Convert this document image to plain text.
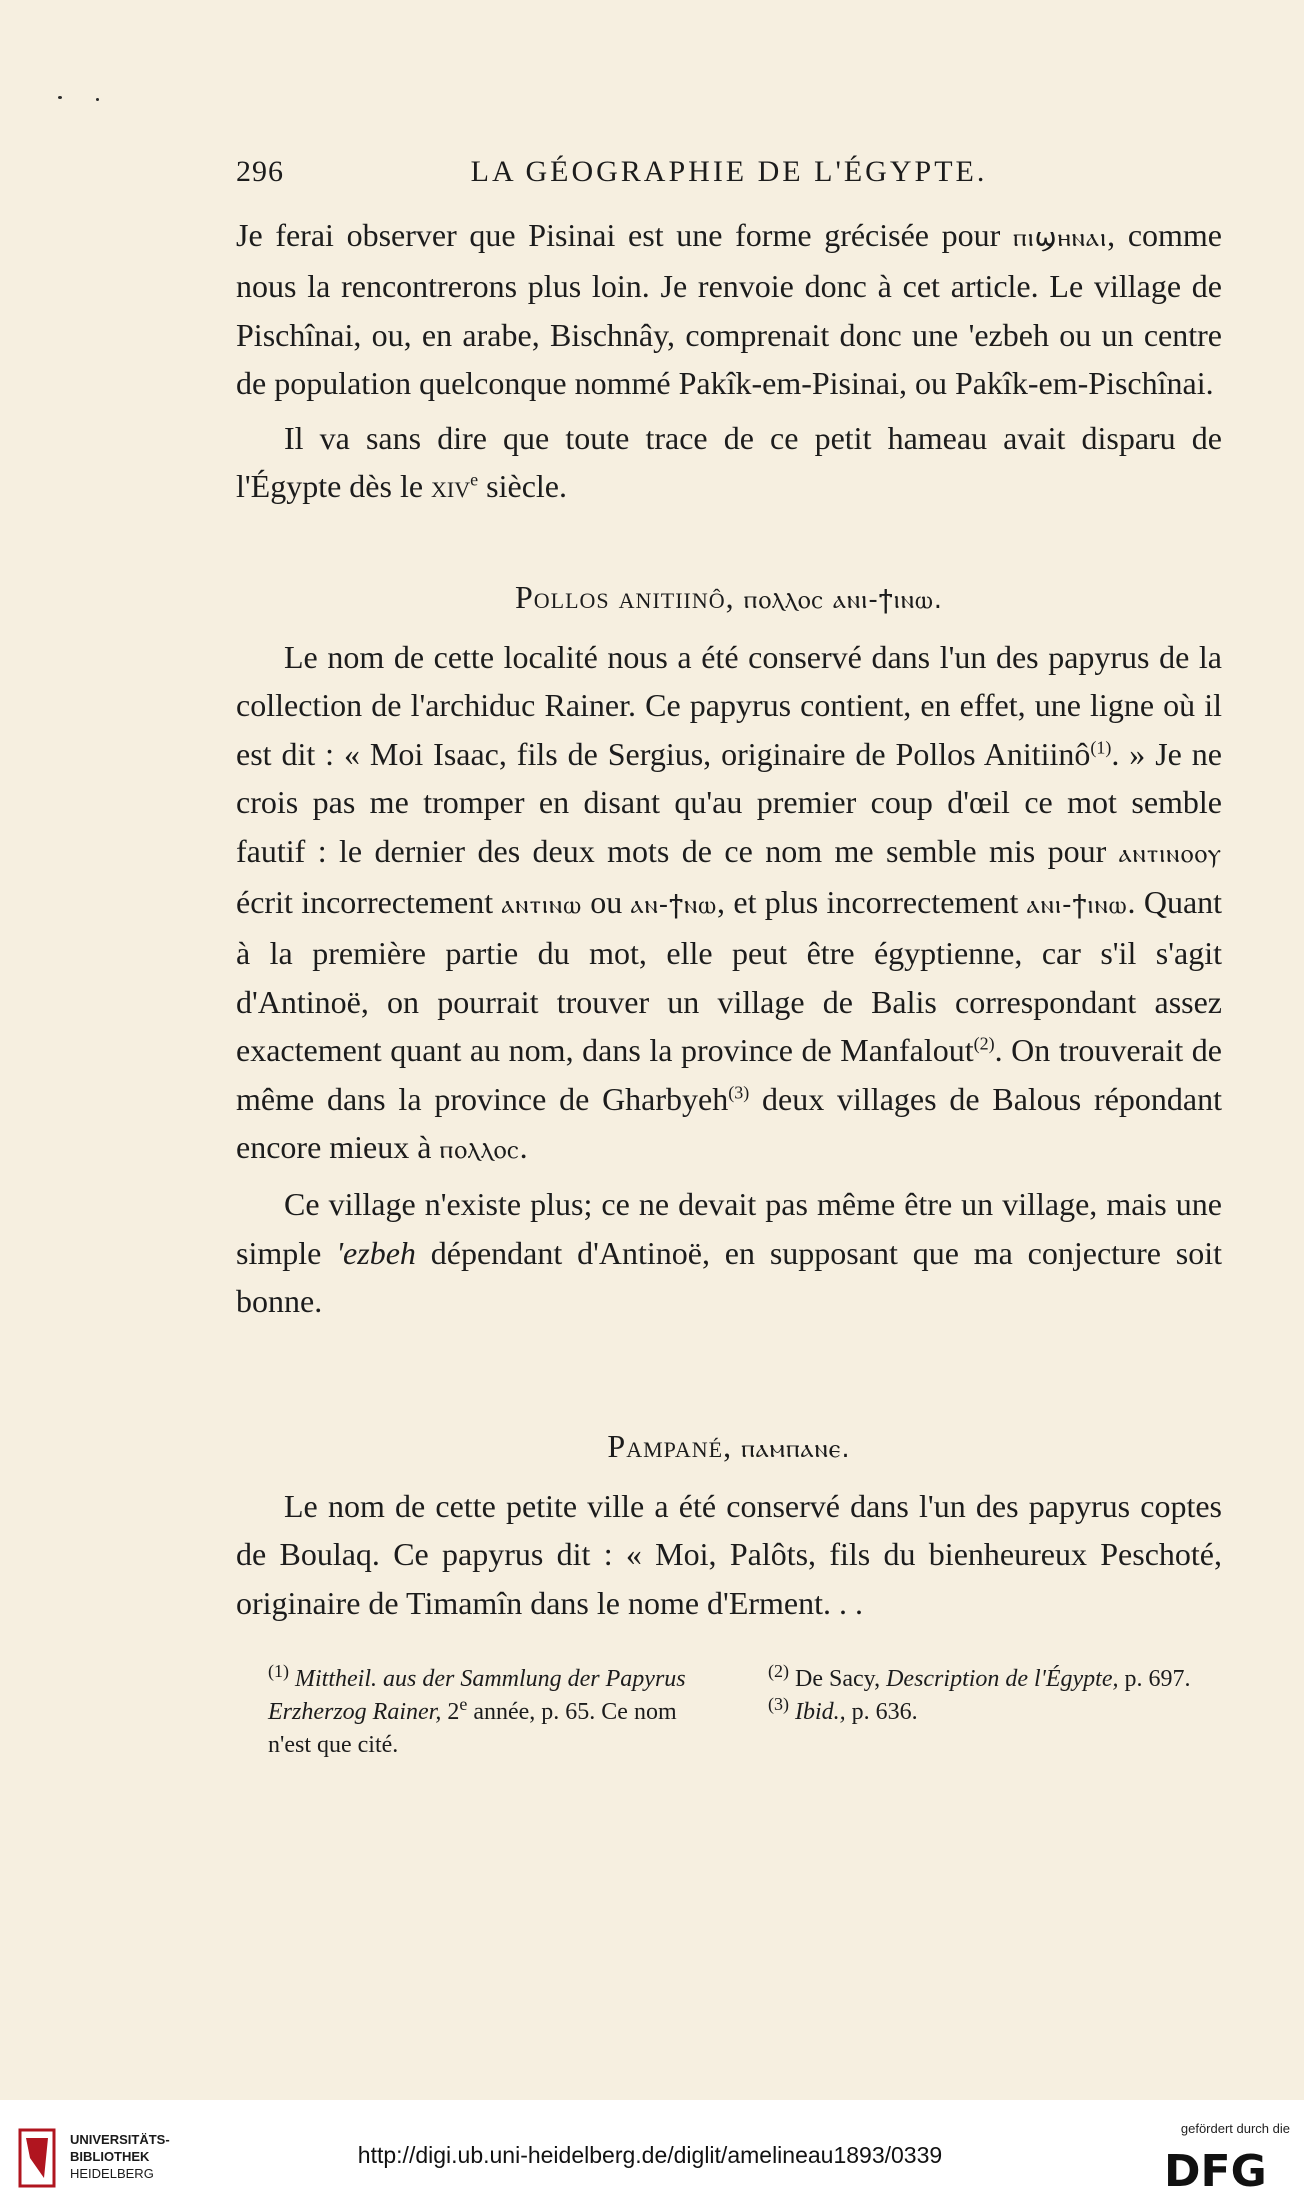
296	LA GÉOGRAPHIE DE L'ÉGYPTE.

Je ferai observer que Pisinai est une forme grécisée pour ⲡⲓϣⲏⲛⲁⲓ, comme nous la rencontrerons plus loin. Je renvoie donc à cet article. Le village de Pischînai, ou, en arabe, Bischnây, comprenait donc une 'ezbeh ou un centre de population quelconque nommé Pakîk-em-Pisinai, ou Pakîk-em-Pischînai.

Il va sans dire que toute trace de ce petit hameau avait disparu de l'Égypte dès le xiv$^e$ siècle.

Pollos anitiinô, ⲡⲟⲗⲗⲟⲥ ⲁⲛⲓ-ϯⲓⲛⲱ.

Le nom de cette localité nous a été conservé dans l'un des papyrus de la collection de l'archiduc Rainer. Ce papyrus contient, en effet, une ligne où il est dit : « Moi Isaac, fils de Sergius, originaire de Pollos Anitiinô$^{(1)}$. » Je ne crois pas me tromper en disant qu'au premier coup d'œil ce mot semble fautif : le dernier des deux mots de ce nom me semble mis pour ⲁⲛⲧⲓⲛⲟⲟⲩ écrit incorrectement ⲁⲛⲧⲓⲛⲱ ou ⲁⲛ-ϯⲛⲱ, et plus incorrectement ⲁⲛⲓ-ϯⲓⲛⲱ. Quant à la première partie du mot, elle peut être égyptienne, car s'il s'agit d'Antinoë, on pourrait trouver un village de Balis correspondant assez exactement quant au nom, dans la province de Manfalout$^{(2)}$. On trouverait de même dans la province de Gharbyeh$^{(3)}$ deux villages de Balous répondant encore mieux à ⲡⲟⲗⲗⲟⲥ.

Ce village n'existe plus; ce ne devait pas même être un village, mais une simple 'ezbeh dépendant d'Antinoë, en supposant que ma conjecture soit bonne.

Pampané, ⲡⲁⲙⲡⲁⲛⲉ.

Le nom de cette petite ville a été conservé dans l'un des papyrus coptes de Boulaq. Ce papyrus dit : « Moi, Palôts, fils du bienheureux Peschoté, originaire de Timamîn dans le nome d'Erment. . .

$^{(1)}$ Mittheil. aus der Sammlung der Papyrus Erzherzog Rainer, 2e année, p. 65. Ce nom n'est que cité.

$^{(2)}$ De Sacy, Description de l'Égypte, p. 697.

$^{(3)}$ Ibid., p. 636.

UNIVERSITÄTS-
BIBLIOTHEK
HEIDELBERG
http://digi.ub.uni-heidelberg.de/diglit/amelineau1893/0339
gefördert durch die
DFG
